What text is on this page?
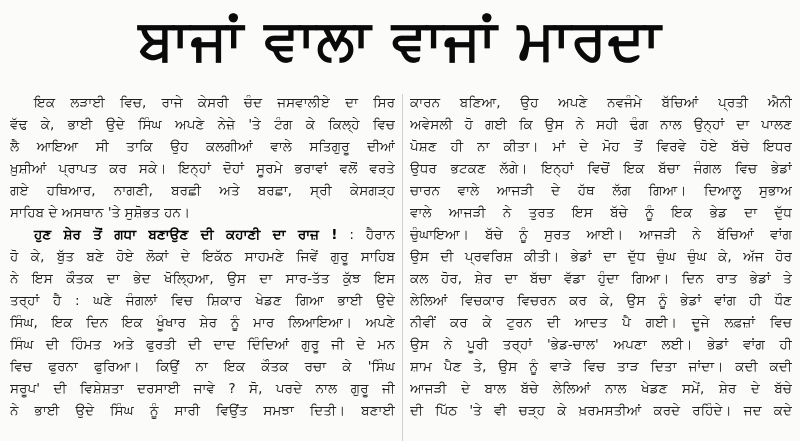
ਬਾਜਾਂ ਵਾਲਾ ਵਾਜਾਂ ਮਾਰਦਾ
ਇਕ ਲੜਾਈ ਵਿਚ, ਰਾਜੇ ਕੇਸਰੀ ਚੰਦ ਜਸਵਾਲੀਏ ਦਾ ਸਿਰ
ਵੱਢ ਕੇ, ਭਾਈ ਉਦੇ ਸਿੰਘ ਅਪਣੇ ਨੇਜ਼ੇ 'ਤੇ ਟੰਗ ਕੇ ਕਿਲ੍ਹੇ ਵਿਚ
ਲੈ ਆਇਆ ਸੀ ਤਾਕਿ ਉਹ ਕਲਗੀਆਂ ਵਾਲੇ ਸਤਿਗੁਰੂ ਦੀਆਂ
ਖ਼ੁਸ਼ੀਆਂ ਪ੍ਰਾਪਤ ਕਰ ਸਕੇ। ਇਨ੍ਹਾਂ ਦੋਹਾਂ ਸੂਰਮੇ ਭਰਾਵਾਂ ਵਲੋਂ ਵਰਤੇ
ਗਏ ਹਥਿਆਰ, ਨਾਗਣੀ, ਬਰਛੀ ਅਤੇ ਬਰਛਾ, ਸ੍ਰੀ ਕੇਸਗੜ੍ਹ
ਸਾਹਿਬ ਦੇ ਅਸਥਾਨ 'ਤੇ ਸੁਸ਼ੋਭਤ ਹਨ।
ਹੁਣ ਸ਼ੇਰ ਤੋਂ ਗਧਾ ਬਣਾਉਣ ਦੀ ਕਹਾਣੀ ਦਾ ਰਾਜ਼ ! : ਹੈਰਾਨ
ਹੋ ਕੇ, ਬੁੱਤ ਬਣੇ ਹੋਏ ਲੋਕਾਂ ਦੇ ਇਕੱਠ ਸਾਹਮਣੇ ਜਿਵੇਂ ਗੁਰੂ ਸਾਹਿਬ
ਨੇ ਇਸ ਕੌਤਕ ਦਾ ਭੇਦ ਖੋਲ੍ਹਿਆ, ਉਸ ਦਾ ਸਾਰ-ਤੱਤ ਕੁੱਝ ਇਸ
ਤਰ੍ਹਾਂ ਹੈ : ਘਣੇ ਜੰਗਲਾਂ ਵਿਚ ਸ਼ਿਕਾਰ ਖੇਡਣ ਗਿਆ ਭਾਈ ਉਦੇ
ਸਿੰਘ, ਇਕ ਦਿਨ ਇਕ ਖੂੰਖਾਰ ਸ਼ੇਰ ਨੂੰ ਮਾਰ ਲਿਆਇਆ। ਅਪਣੇ
ਸਿੰਘ ਦੀ ਹਿੰਮਤ ਅਤੇ ਫੁਰਤੀ ਦੀ ਦਾਦ ਦਿੰਦਿਆਂ ਗੁਰੂ ਜੀ ਦੇ ਮਨ
ਵਿਚ ਫੁਰਨਾ ਫੁਰਿਆ। ਕਿਉਂ ਨਾ ਇਕ ਕੌਤਕ ਰਚਾ ਕੇ 'ਸਿੰਘ
ਸਰੂਪ' ਦੀ ਵਿਸ਼ੇਸ਼ਤਾ ਦਰਸਾਈ ਜਾਵੇ ? ਸੋ, ਪਰਦੇ ਨਾਲ ਗੁਰੂ ਜੀ
ਨੇ ਭਾਈ ਉਦੇ ਸਿੰਘ ਨੂੰ ਸਾਰੀ ਵਿਉਂਤ ਸਮਝਾ ਦਿਤੀ। ਬਣਾਈ
ਕਾਰਨ ਬਣਿਆ, ਉਹ ਅਪਣੇ ਨਵਜੰਮੇ ਬੱਚਿਆਂ ਪ੍ਰਤੀ ਐਨੀ
ਅਵੇਸਲੀ ਹੋ ਗਈ ਕਿ ਉਸ ਨੇ ਸਹੀ ਢੰਗ ਨਾਲ ਉਨ੍ਹਾਂ ਦਾ ਪਾਲਣ
ਪੋਸ਼ਣ ਹੀ ਨਾ ਕੀਤਾ। ਮਾਂ ਦੇ ਮੋਹ ਤੋਂ ਵਿਰਵੇ ਹੋਏ ਬੱਚੇ ਇਧਰ
ਉਧਰ ਭਟਕਣ ਲੱਗੇ। ਇਨ੍ਹਾਂ ਵਿਚੋਂ ਇਕ ਬੱਚਾ ਜੰਗਲ ਵਿਚ ਭੇਡਾਂ
ਚਾਰਨ ਵਾਲੇ ਆਜੜੀ ਦੇ ਹੱਥ ਲੱਗ ਗਿਆ। ਦਿਆਲੂ ਸੁਭਾਅ
ਵਾਲੇ ਆਜੜੀ ਨੇ ਤੁਰਤ ਇਸ ਬੱਚੇ ਨੂੰ ਇਕ ਭੇਡ ਦਾ ਦੁੱਧ
ਚੁੰਘਾਇਆ। ਬੱਚੇ ਨੂੰ ਸੁਰਤ ਆਈ। ਆਜੜੀ ਨੇ ਬੱਚਿਆਂ ਵਾਂਗ
ਉਸ ਦੀ ਪ੍ਰਵਰਿਸ਼ ਕੀਤੀ। ਭੇਡਾਂ ਦਾ ਦੁੱਧ ਚੁੰਘ ਚੁੰਘ ਕੇ, ਅੱਜ ਹੋਰ
ਕਲ ਹੋਰ, ਸ਼ੇਰ ਦਾ ਬੱਚਾ ਵੱਡਾ ਹੁੰਦਾ ਗਿਆ। ਦਿਨ ਰਾਤ ਭੇਡਾਂ ਤੇ
ਲੇਲਿਆਂ ਵਿਚਕਾਰ ਵਿਚਰਨ ਕਰ ਕੇ, ਉਸ ਨੂੰ ਭੇਡਾਂ ਵਾਂਗ ਹੀ ਧੌਣ
ਨੀਵੀਂ ਕਰ ਕੇ ਟੁਰਨ ਦੀ ਆਦਤ ਪੈ ਗਈ। ਦੂਜੇ ਲਫ਼ਜ਼ਾਂ ਵਿਚ
ਉਸ ਨੇ ਪੂਰੀ ਤਰ੍ਹਾਂ 'ਭੇਡ-ਚਾਲ' ਅਪਣਾ ਲਈ। ਭੇਡਾਂ ਵਾਂਗ ਹੀ
ਸ਼ਾਮ ਪੈਣ ਤੇ, ਉਸ ਨੂੰ ਵਾੜੇ ਵਿਚ ਤਾੜ ਦਿਤਾ ਜਾਂਦਾ। ਕਦੀ ਕਦੀ
ਆਜੜੀ ਦੇ ਬਾਲ ਬੱਚੇ ਲੇਲਿਆਂ ਨਾਲ ਖੇਡਣ ਸਮੇਂ, ਸ਼ੇਰ ਦੇ ਬੱਚੇ
ਦੀ ਪਿੱਠ 'ਤੇ ਵੀ ਚੜ੍ਹ ਕੇ ਖ਼ਰਮਸਤੀਆਂ ਕਰਦੇ ਰਹਿੰਦੇ। ਜਦ ਕਦੇ
